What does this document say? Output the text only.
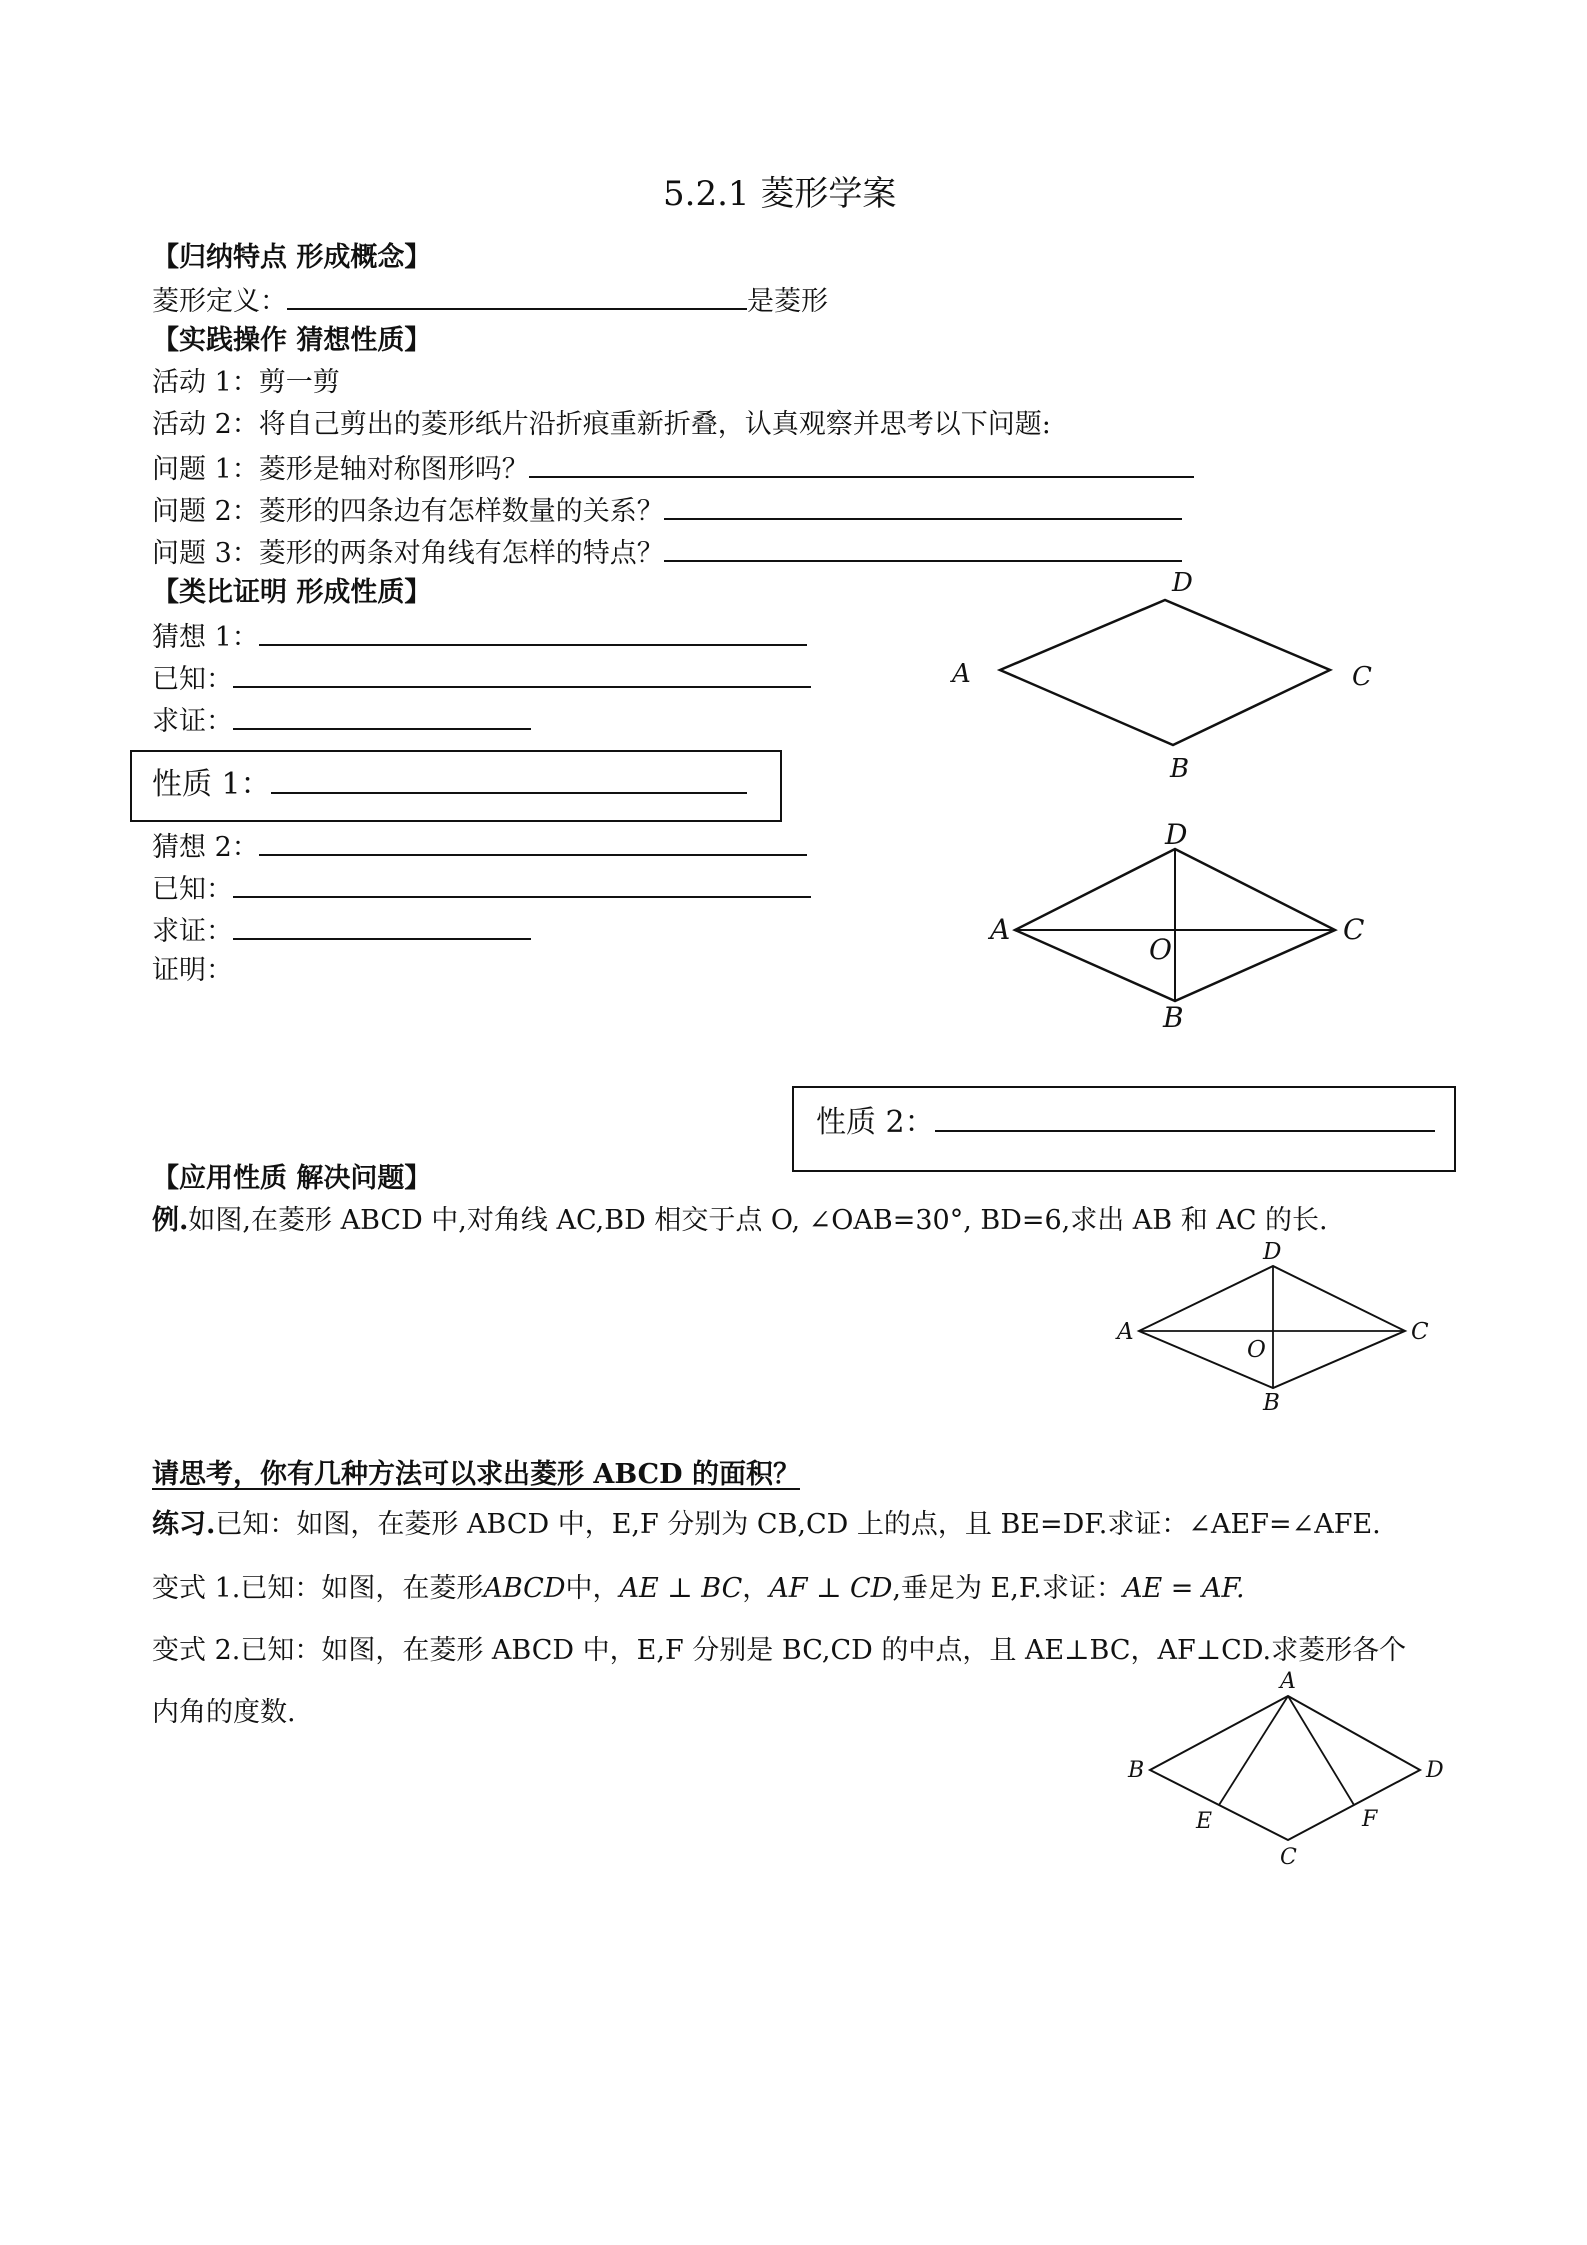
5.2.1 菱形学案
【归纳特点 形成概念】
菱形定义：	是菱形
【实践操作 猜想性质】
活动 1：剪一剪
活动 2：将自己剪出的菱形纸片沿折痕重新折叠，认真观察并思考以下问题:
问题 1：菱形是轴对称图形吗？
问题 2：菱形的四条边有怎样数量的关系？
问题 3：菱形的两条对角线有怎样的特点？
【类比证明 形成性质】
猜想 1：
已知：
求证：
性质 1：
猜想 2：
已知：
求证：
证明：
性质 2：
【应用性质 解决问题】
例.如图,在菱形 ABCD 中,对角线 AC,BD 相交于点 O, ∠OAB=30°, BD=6,求出 AB 和 AC 的长.
请思考，你有几种方法可以求出菱形 ABCD 的面积？
练习.已知：如图，在菱形 ABCD 中，E,F 分别为 CB,CD 上的点，且 BE=DF.求证：∠AEF=∠AFE.
变式 1.已知：如图，在菱形ABCD中，AE ⊥ BC，AF ⊥ CD,垂足为 E,F.求证：AE = AF.
变式 2.已知：如图，在菱形 ABCD 中，E,F 分别是 BC,CD 的中点，且 AE⊥BC，AF⊥CD.求菱形各个
内角的度数.
A
D
C
B
D
A	C
O
B
D
A	C
O
B
A
B	D
E	F
C
